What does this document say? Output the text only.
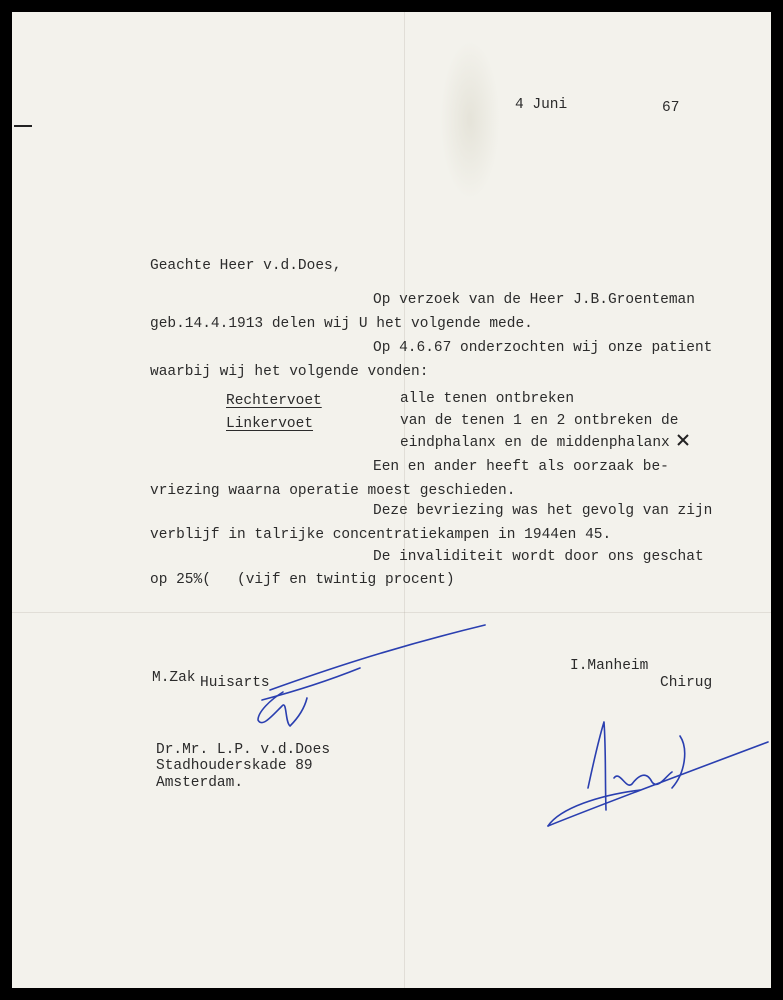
4 Juni	67
Geachte Heer v.d.Does,
Op verzoek van de Heer J.B.Groenteman
geb.14.4.1913 delen wij U het volgende mede.
Op 4.6.67 onderzochten wij onze patient
waarbij wij het volgende vonden:
Rechtervoet	alle tenen ontbreken
Linkervoet	van de tenen 1 en 2 ontbreken de
eindphalanx en de middenphalanx
Een en ander heeft als oorzaak be-
vriezing waarna operatie moest geschieden.
Deze bevriezing was het gevolg van zijn
verblijf in talrijke concentratiekampen in 1944en 45.
De invaliditeit wordt door ons geschat
op 25%(   (vijf en twintig procent)
M.Zak Huisarts
I.Manheim
Chirug
Dr.Mr. L.P. v.d.Does
Stadhouderskade 89
Amsterdam.
